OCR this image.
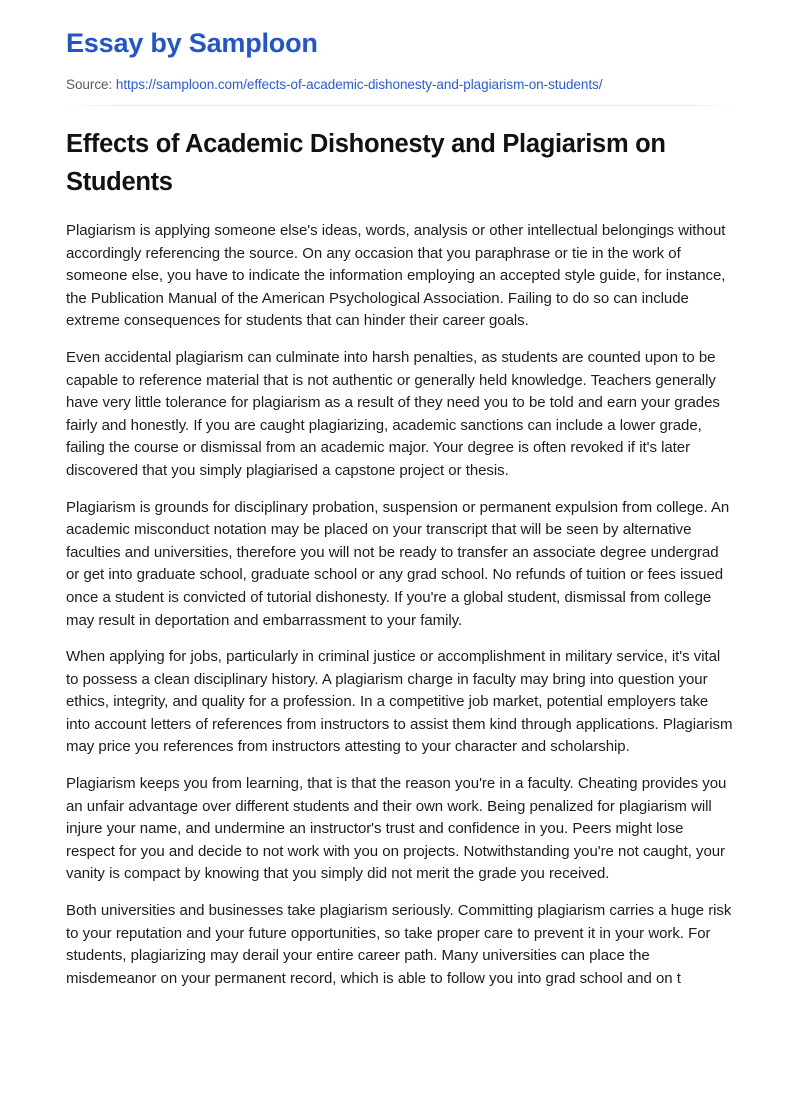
Essay by Samploon
Source: https://samploon.com/effects-of-academic-dishonesty-and-plagiarism-on-students/
Effects of Academic Dishonesty and Plagiarism on Students

Plagiarism is applying someone else's ideas, words, analysis or other intellectual belongings without accordingly referencing the source. On any occasion that you paraphrase or tie in the work of someone else, you have to indicate the information employing an accepted style guide, for instance, the Publication Manual of the American Psychological Association. Failing to do so can include extreme consequences for students that can hinder their career goals.

Even accidental plagiarism can culminate into harsh penalties, as students are counted upon to be capable to reference material that is not authentic or generally held knowledge. Teachers generally have very little tolerance for plagiarism as a result of they need you to be told and earn your grades fairly and honestly. If you are caught plagiarizing, academic sanctions can include a lower grade, failing the course or dismissal from an academic major. Your degree is often revoked if it's later discovered that you simply plagiarised a capstone project or thesis.

Plagiarism is grounds for disciplinary probation, suspension or permanent expulsion from college. An academic misconduct notation may be placed on your transcript that will be seen by alternative faculties and universities, therefore you will not be ready to transfer an associate degree undergrad or get into graduate school, graduate school or any grad school. No refunds of tuition or fees issued once a student is convicted of tutorial dishonesty. If you're a global student, dismissal from college may result in deportation and embarrassment to your family.

When applying for jobs, particularly in criminal justice or accomplishment in military service, it's vital to possess a clean disciplinary history. A plagiarism charge in faculty may bring into question your ethics, integrity, and quality for a profession. In a competitive job market, potential employers take into account letters of references from instructors to assist them kind through applications. Plagiarism may price you references from instructors attesting to your character and scholarship.

Plagiarism keeps you from learning, that is that the reason you're in a faculty. Cheating provides you an unfair advantage over different students and their own work. Being penalized for plagiarism will injure your name, and undermine an instructor's trust and confidence in you. Peers might lose respect for you and decide to not work with you on projects. Notwithstanding you're not caught, your vanity is compact by knowing that you simply did not merit the grade you received.

Both universities and businesses take plagiarism seriously. Committing plagiarism carries a huge risk to your reputation and your future opportunities, so take proper care to prevent it in your work. For students, plagiarizing may derail your entire career path. Many universities can place the misdemeanor on your permanent record, which is able to follow you into grad school and on t
